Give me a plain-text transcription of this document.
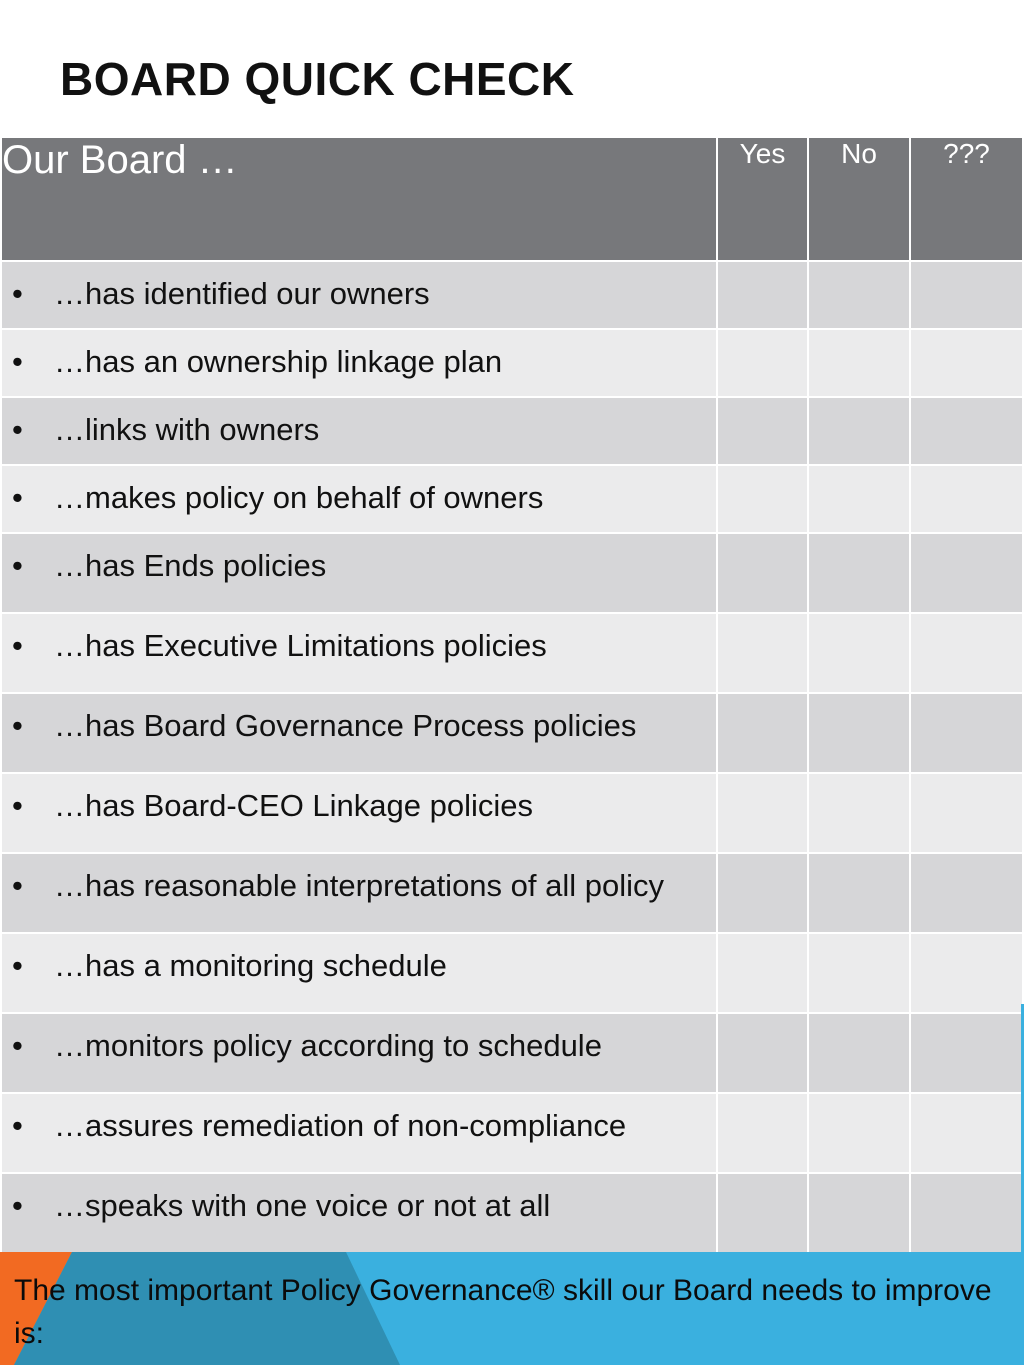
BOARD QUICK CHECK
Our Board …	Yes	No	???

• …has identified our owners			

• …has an ownership linkage plan			

• …links with owners			

• …makes policy on behalf of owners			

• …has Ends policies			

• …has Executive Limitations policies			

• …has Board Governance Process policies			

• …has Board-CEO Linkage policies			

• …has reasonable interpretations of all policy			

• …has a monitoring schedule			

• …monitors policy according to schedule			

• …assures remediation of non-compliance			

• …speaks with one voice or not at all			

The most important Policy Governance® skill our Board needs to improve is:
